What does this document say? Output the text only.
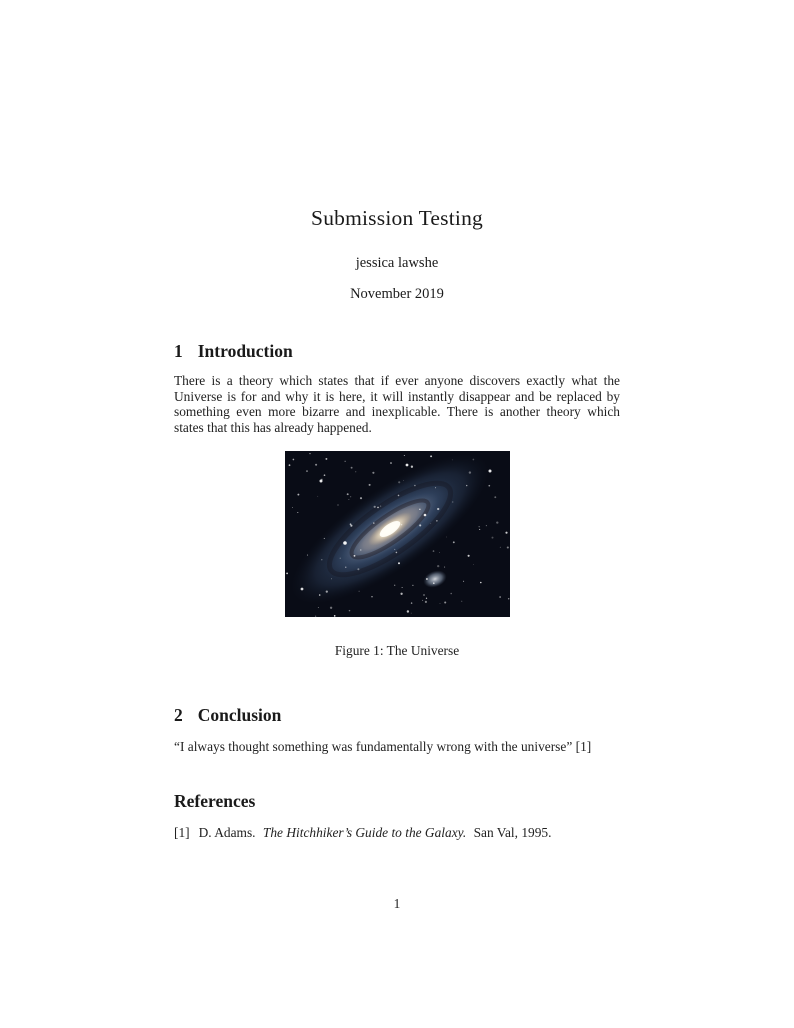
Submission Testing
jessica lawshe
November 2019
1 Introduction
There is a theory which states that if ever anyone discovers exactly what the Universe is for and why it is here, it will instantly disappear and be replaced by something even more bizarre and inexplicable. There is another theory which states that this has already happened.
Figure 1: The Universe
2 Conclusion
“I always thought something was fundamentally wrong with the universe” [1]
References
[1] D. Adams. The Hitchhiker’s Guide to the Galaxy. San Val, 1995.
1
